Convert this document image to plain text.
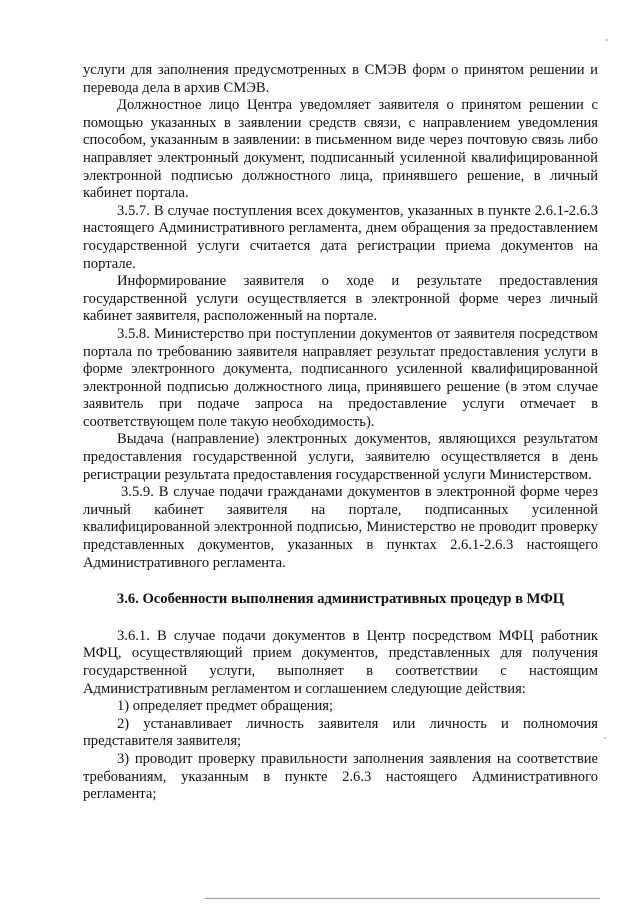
услуги для заполнения предусмотренных в СМЭВ форм о принятом решении и перевода дела в архив СМЭВ.

Должностное лицо Центра уведомляет заявителя о принятом решении с помощью указанных в заявлении средств связи, с направлением уведомления способом, указанным в заявлении: в письменном виде через почтовую связь либо направляет электронный документ, подписанный усиленной квалифицированной электронной подписью должностного лица, принявшего решение, в личный кабинет портала.

3.5.7. В случае поступления всех документов, указанных в пункте 2.6.1-2.6.3 настоящего Административного регламента, днем обращения за предоставлением государственной услуги считается дата регистрации приема документов на портале.

Информирование заявителя о ходе и результате предоставления государственной услуги осуществляется в электронной форме через личный кабинет заявителя, расположенный на портале.

3.5.8. Министерство при поступлении документов от заявителя посредством портала по требованию заявителя направляет результат предоставления услуги в форме электронного документа, подписанного усиленной квалифицированной электронной подписью должностного лица, принявшего решение (в этом случае заявитель при подаче запроса на предоставление услуги отмечает в соответствующем поле такую необходимость).

Выдача (направление) электронных документов, являющихся результатом предоставления государственной услуги, заявителю осуществляется в день регистрации результата предоставления государственной услуги Министерством.

3.5.9. В случае подачи гражданами документов в электронной форме через личный кабинет заявителя на портале, подписанных усиленной квалифицированной электронной подписью, Министерство не проводит проверку представленных документов, указанных в пунктах 2.6.1-2.6.3 настоящего Административного регламента.

3.6. Особенности выполнения административных процедур в МФЦ

3.6.1. В случае подачи документов в Центр посредством МФЦ работник МФЦ, осуществляющий прием документов, представленных для получения государственной услуги, выполняет в соответствии с настоящим Административным регламентом и соглашением следующие действия:

1) определяет предмет обращения;

2) устанавливает личность заявителя или личность и полномочия представителя заявителя;

3) проводит проверку правильности заполнения заявления на соответствие требованиям, указанным в пункте 2.6.3 настоящего Административного регламента;
